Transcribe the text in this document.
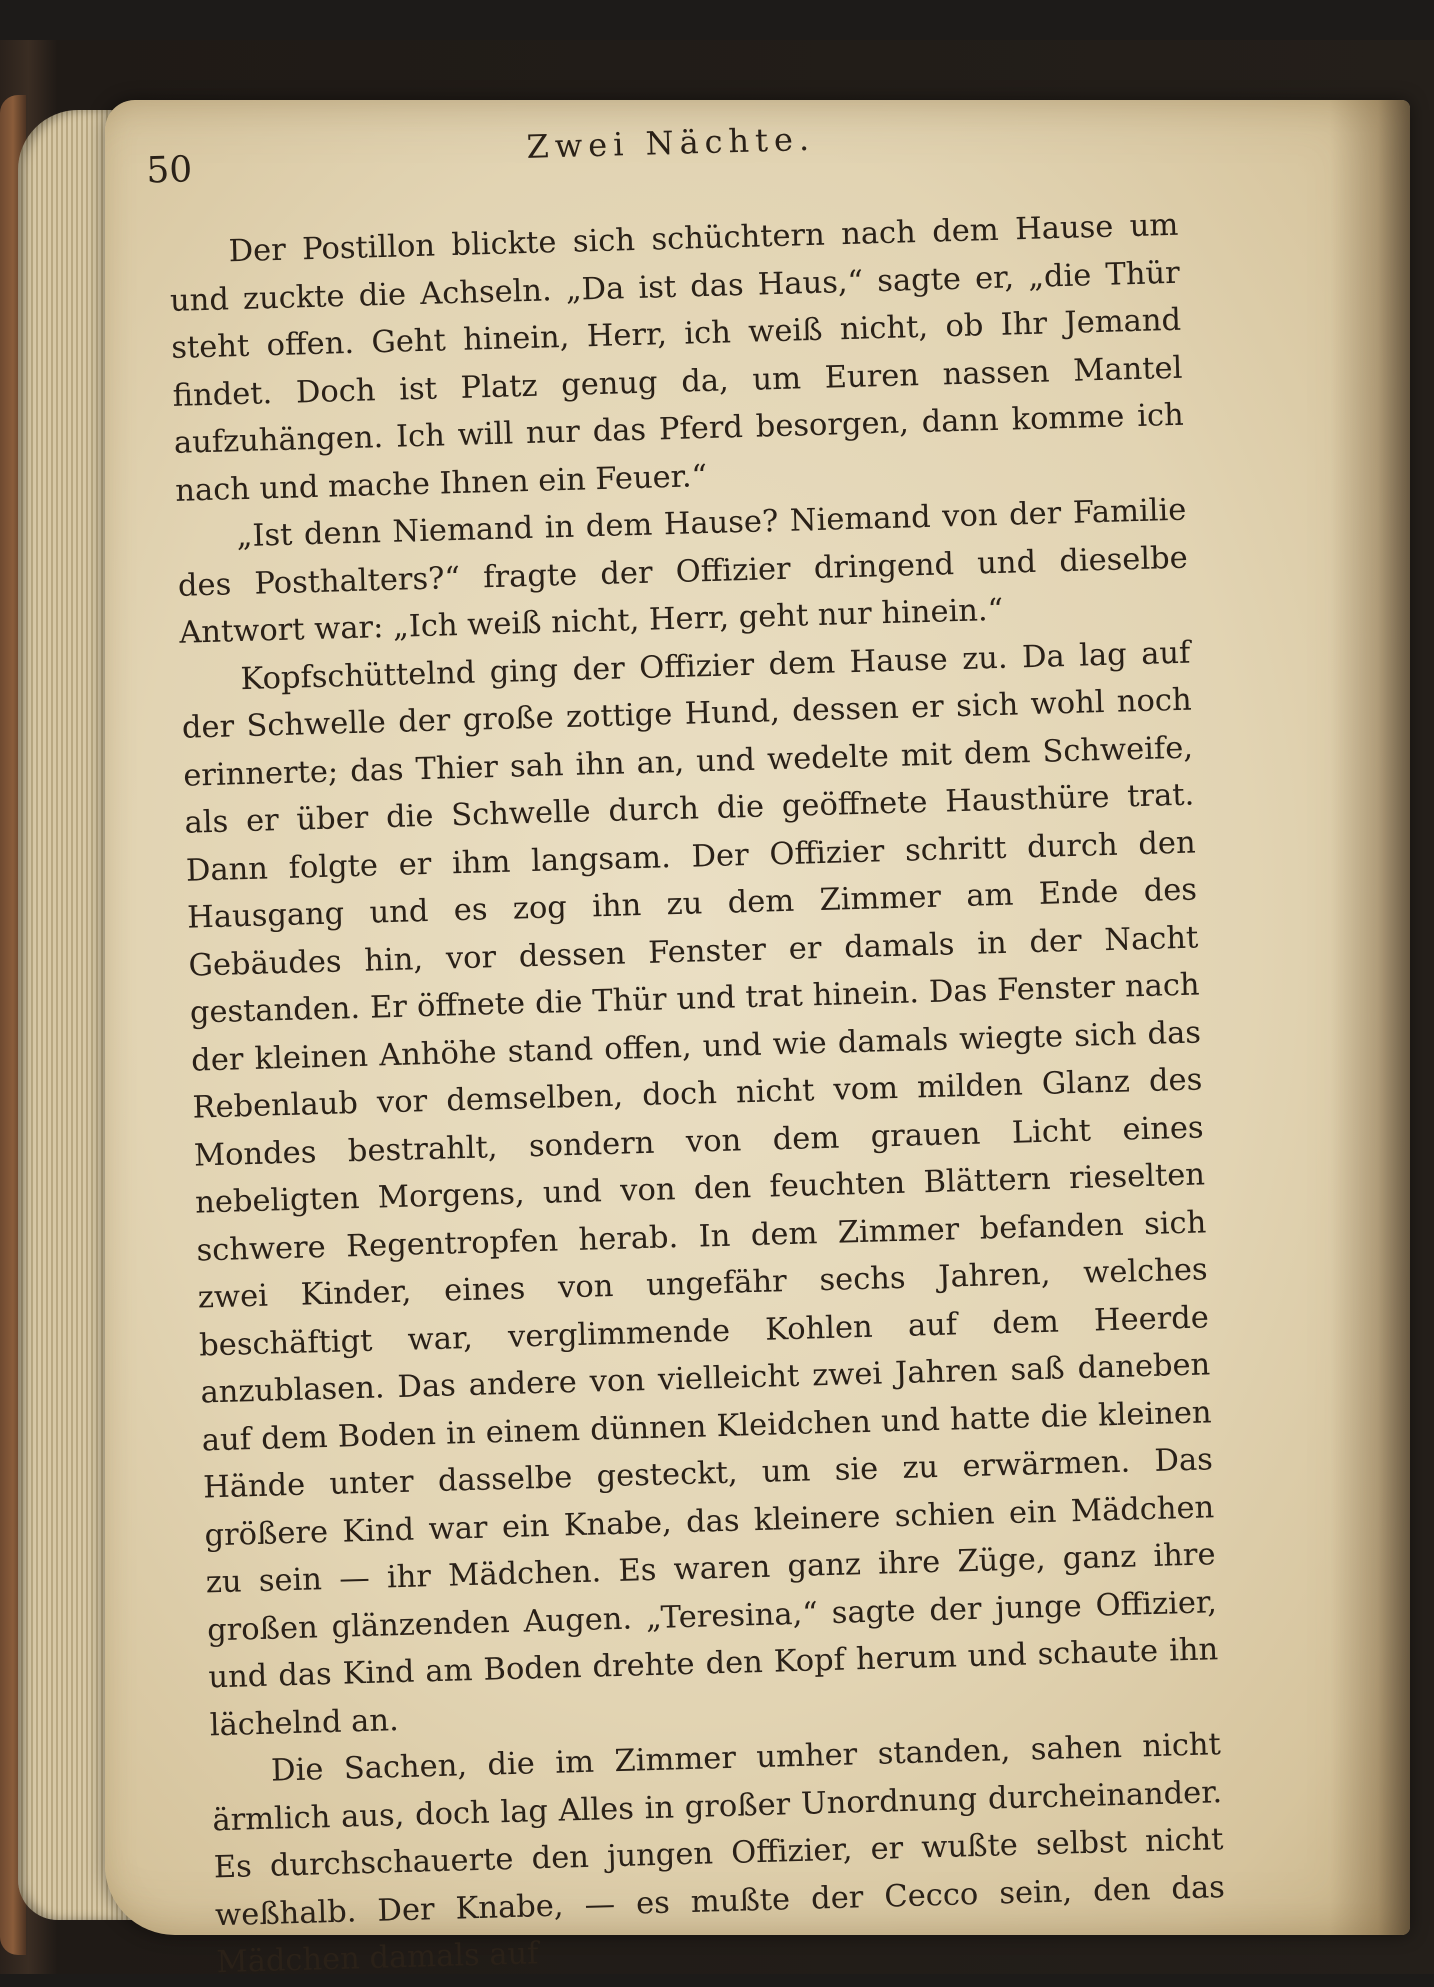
50
Zwei Nächte.

Der Postillon blickte sich schüchtern nach dem Hause um und zuckte die Achseln. „Da ist das Haus,“ sagte er, „die Thür steht offen. Geht hinein, Herr, ich weiß nicht, ob Ihr Jemand findet. Doch ist Platz genug da, um Euren nassen Mantel aufzuhängen. Ich will nur das Pferd besorgen, dann komme ich nach und mache Ihnen ein Feuer.“

„Ist denn Niemand in dem Hause? Niemand von der Familie des Posthalters?“ fragte der Offizier dringend und dieselbe Antwort war: „Ich weiß nicht, Herr, geht nur hinein.“

Kopfschüttelnd ging der Offizier dem Hause zu. Da lag auf der Schwelle der große zottige Hund, dessen er sich wohl noch erinnerte; das Thier sah ihn an, und wedelte mit dem Schweife, als er über die Schwelle durch die geöffnete Hausthüre trat. Dann folgte er ihm langsam. Der Offizier schritt durch den Hausgang und es zog ihn zu dem Zimmer am Ende des Gebäudes hin, vor dessen Fenster er damals in der Nacht gestanden. Er öffnete die Thür und trat hinein. Das Fenster nach der kleinen Anhöhe stand offen, und wie damals wiegte sich das Rebenlaub vor demselben, doch nicht vom milden Glanz des Mondes bestrahlt, sondern von dem grauen Licht eines nebeligten Morgens, und von den feuchten Blättern rieselten schwere Regentropfen herab. In dem Zimmer befanden sich zwei Kinder, eines von ungefähr sechs Jahren, welches beschäftigt war, verglimmende Kohlen auf dem Heerde anzublasen. Das andere von vielleicht zwei Jahren saß daneben auf dem Boden in einem dünnen Kleidchen und hatte die kleinen Hände unter dasselbe gesteckt, um sie zu erwärmen. Das größere Kind war ein Knabe, das kleinere schien ein Mädchen zu sein — ihr Mädchen. Es waren ganz ihre Züge, ganz ihre großen glänzenden Augen. „Teresina,“ sagte der junge Offizier, und das Kind am Boden drehte den Kopf herum und schaute ihn lächelnd an.

Die Sachen, die im Zimmer umher standen, sahen nicht ärmlich aus, doch lag Alles in großer Unordnung durcheinander. Es durchschauerte den jungen Offizier, er wußte selbst nicht weßhalb. Der Knabe, — es mußte der Cecco sein, den das Mädchen damals auf
